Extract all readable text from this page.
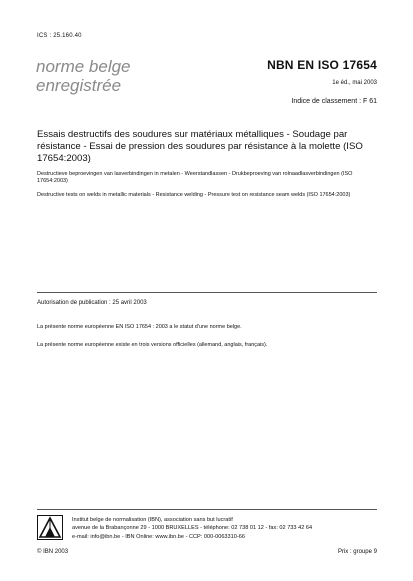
ICS : 25.160.40
norme belge
enregistrée
NBN EN ISO 17654
1e éd., mai 2003
Indice de classement : F 61
Essais destructifs des soudures sur matériaux métalliques - Soudage par résistance - Essai de pression des soudures par résistance à la molette (ISO 17654:2003)
Destructieve beproevingen van lasverbindingen in metalen - Weerstandlassen - Drukbeproeving van rolnaadlasverbindingen (ISO 17654:2003)
Destructive tests on welds in metallic materials - Resistance welding - Pressure test on resistance seam welds (ISO 17654:2003)
Autorisation de publication : 25 avril 2003
La présente norme européenne EN ISO 17654 : 2003 a le statut d'une norme belge.
La présente norme européenne existe en trois versions officielles (allemand, anglais, français).
Institut belge de normalisation (IBN), association sans but lucratif
avenue de la Brabançonne 29 - 1000 BRUXELLES - téléphone: 02 738 01 12 - fax: 02 733 42 64
e-mail: info@ibn.be - IBN Online: www.ibn.be - CCP: 000-0063310-66
© IBN 2003	Prix : groupe 9
